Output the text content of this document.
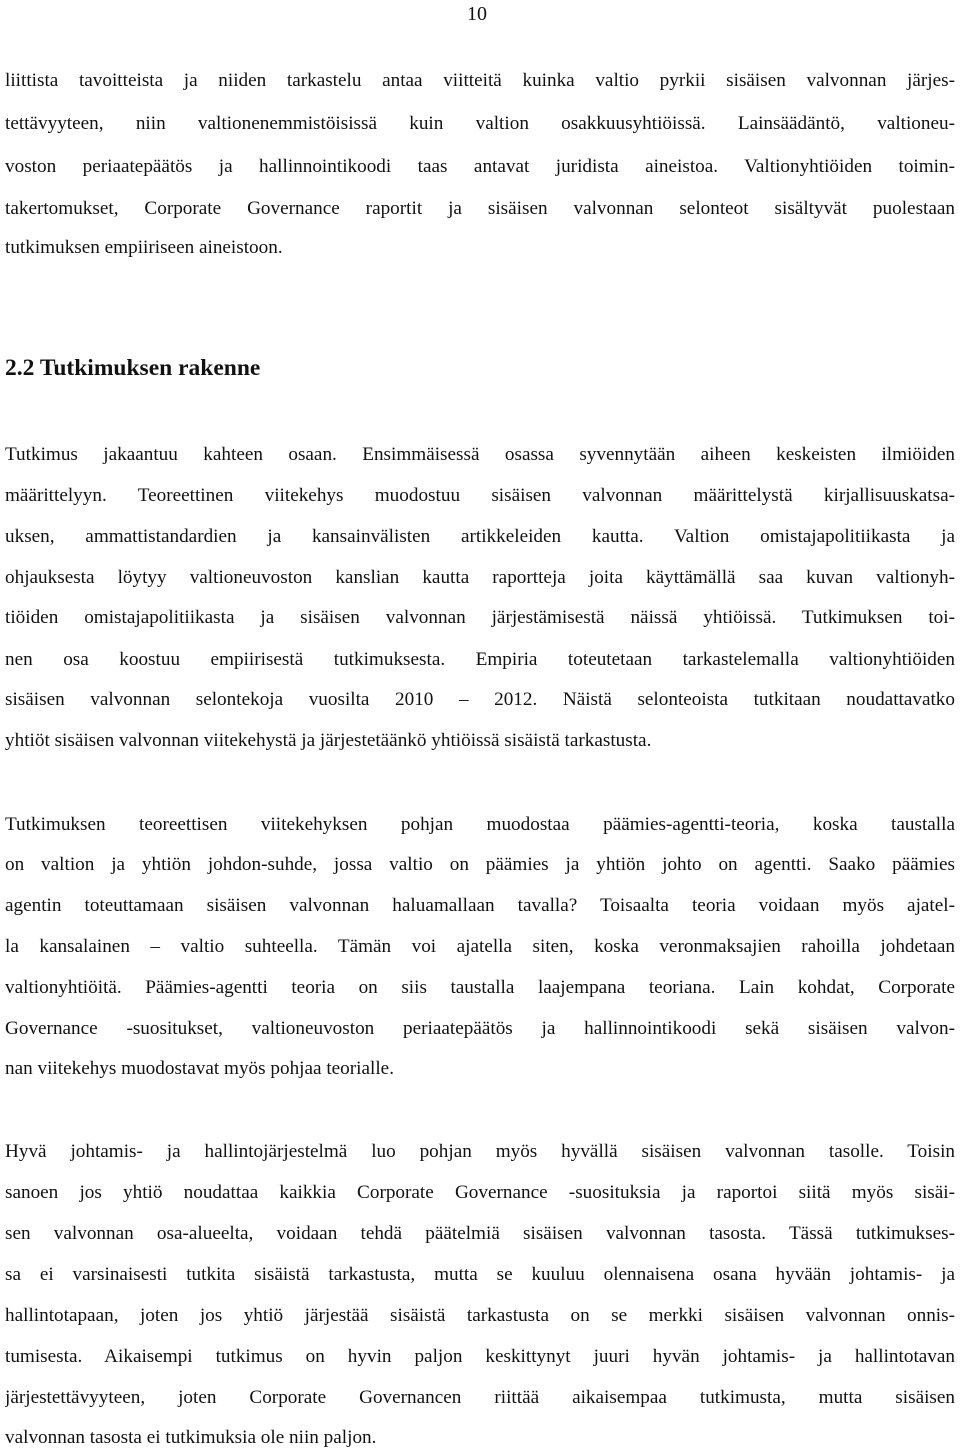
10
liittista tavoitteista ja niiden tarkastelu antaa viitteitä kuinka valtio pyrkii sisäisen valvonnan järjes-
tettävyyteen, niin valtionenemmistöisissä kuin valtion osakkuusyhtiöissä. Lainsäädäntö, valtioneu-
voston periaatepäätös ja hallinnointikoodi taas antavat juridista aineistoa. Valtionyhtiöiden toimin-
takertomukset, Corporate Governance raportit ja sisäisen valvonnan selonteot sisältyvät puolestaan
tutkimuksen empiiriseen aineistoon.
2.2 Tutkimuksen rakenne
Tutkimus jakaantuu kahteen osaan. Ensimmäisessä osassa syvennytään aiheen keskeisten ilmiöiden
määrittelyyn. Teoreettinen viitekehys muodostuu sisäisen valvonnan määrittelystä kirjallisuuskatsa-
uksen, ammattistandardien ja kansainvälisten artikkeleiden kautta. Valtion omistajapolitiikasta ja
ohjauksesta löytyy valtioneuvoston kanslian kautta raportteja joita käyttämällä saa kuvan valtionyh-
tiöiden omistajapolitiikasta ja sisäisen valvonnan järjestämisestä näissä yhtiöissä. Tutkimuksen toi-
nen osa koostuu empiirisestä tutkimuksesta. Empiria toteutetaan tarkastelemalla valtionyhtiöiden
sisäisen valvonnan selontekoja vuosilta 2010 – 2012. Näistä selonteoista tutkitaan noudattavatko
yhtiöt sisäisen valvonnan viitekehystä ja järjestetäänkö yhtiöissä sisäistä tarkastusta.
Tutkimuksen teoreettisen viitekehyksen pohjan muodostaa päämies-agentti-teoria, koska taustalla
on valtion ja yhtiön johdon-suhde, jossa valtio on päämies ja yhtiön johto on agentti. Saako päämies
agentin toteuttamaan sisäisen valvonnan haluamallaan tavalla? Toisaalta teoria voidaan myös ajatel-
la kansalainen – valtio suhteella. Tämän voi ajatella siten, koska veronmaksajien rahoilla johdetaan
valtionyhtiöitä. Päämies-agentti teoria on siis taustalla laajempana teoriana. Lain kohdat, Corporate
Governance -suositukset, valtioneuvoston periaatepäätös ja hallinnointikoodi sekä sisäisen valvon-
nan viitekehys muodostavat myös pohjaa teorialle.
Hyvä johtamis- ja hallintojärjestelmä luo pohjan myös hyvällä sisäisen valvonnan tasolle. Toisin
sanoen jos yhtiö noudattaa kaikkia Corporate Governance -suosituksia ja raportoi siitä myös sisäi-
sen valvonnan osa-alueelta, voidaan tehdä päätelmiä sisäisen valvonnan tasosta. Tässä tutkimukses-
sa ei varsinaisesti tutkita sisäistä tarkastusta, mutta se kuuluu olennaisena osana hyvään johtamis- ja
hallintotapaan, joten jos yhtiö järjestää sisäistä tarkastusta on se merkki sisäisen valvonnan onnis-
tumisesta. Aikaisempi tutkimus on hyvin paljon keskittynyt juuri hyvän johtamis- ja hallintotavan
järjestettävyyteen, joten Corporate Governancen riittää aikaisempaa tutkimusta, mutta sisäisen
valvonnan tasosta ei tutkimuksia ole niin paljon.
